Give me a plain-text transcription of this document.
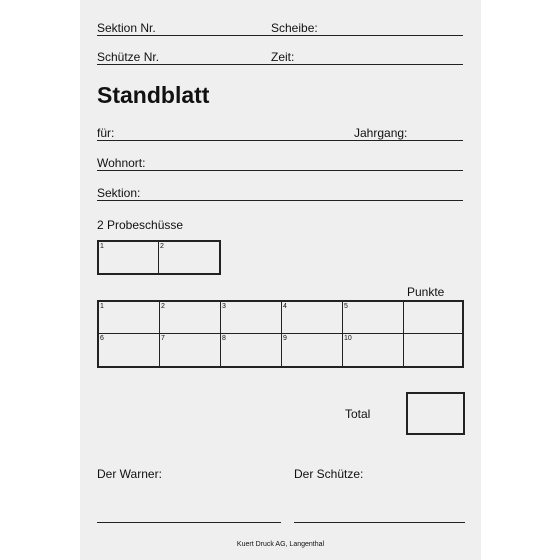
Sektion Nr.	Scheibe:
Schütze Nr.	Zeit:
Standblatt
für:	Jahrgang:
Wohnort:
Sektion:
2 Probeschüsse
1	2
Punkte
1	2	3	4	5
6	7	8	9	10
Total
Der Warner:	Der Schütze:
Kuert Druck AG, Langenthal
